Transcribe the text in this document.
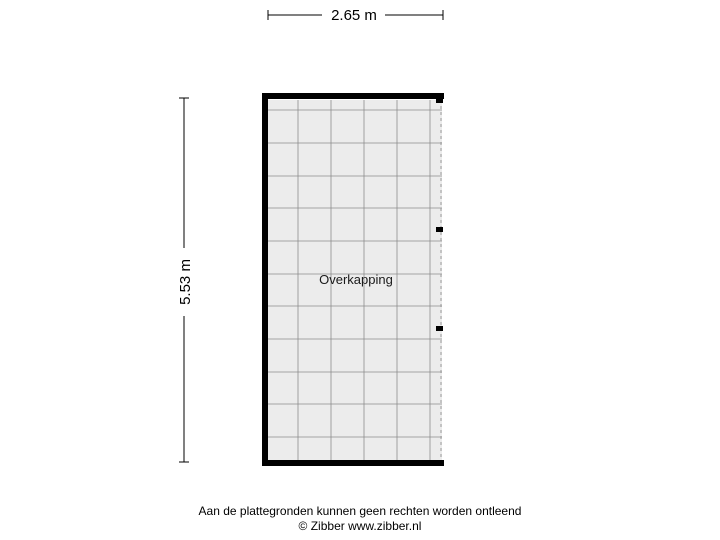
2.65 m
5.53 m	Overkapping
Aan de plattegronden kunnen geen rechten worden ontleend
© Zibber www.zibber.nl
